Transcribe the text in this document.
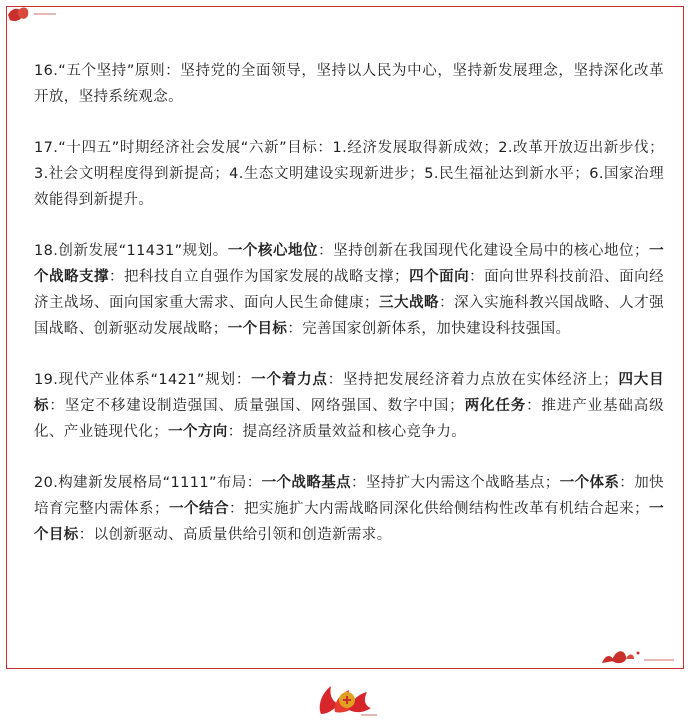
16.“五个坚持”原则：坚持党的全面领导，坚持以人民为中心，坚持新发展理念，坚持深化改革开放，坚持系统观念。

17.“十四五”时期经济社会发展“六新”目标：1.经济发展取得新成效；2.改革开放迈出新步伐；3.社会文明程度得到新提高；4.生态文明建设实现新进步；5.民生福祉达到新水平；6.国家治理效能得到新提升。

18.创新发展“11431”规划。一个核心地位：坚持创新在我国现代化建设全局中的核心地位；一个战略支撑：把科技自立自强作为国家发展的战略支撑；四个面向：面向世界科技前沿、面向经济主战场、面向国家重大需求、面向人民生命健康；三大战略：深入实施科教兴国战略、人才强国战略、创新驱动发展战略；一个目标：完善国家创新体系，加快建设科技强国。

19.现代产业体系“1421”规划：一个着力点：坚持把发展经济着力点放在实体经济上；四大目标：坚定不移建设制造强国、质量强国、网络强国、数字中国；两化任务：推进产业基础高级化、产业链现代化；一个方向：提高经济质量效益和核心竞争力。

20.构建新发展格局“1111”布局：一个战略基点：坚持扩大内需这个战略基点；一个体系：加快培育完整内需体系；一个结合：把实施扩大内需战略同深化供给侧结构性改革有机结合起来；一个目标：以创新驱动、高质量供给引领和创造新需求。
